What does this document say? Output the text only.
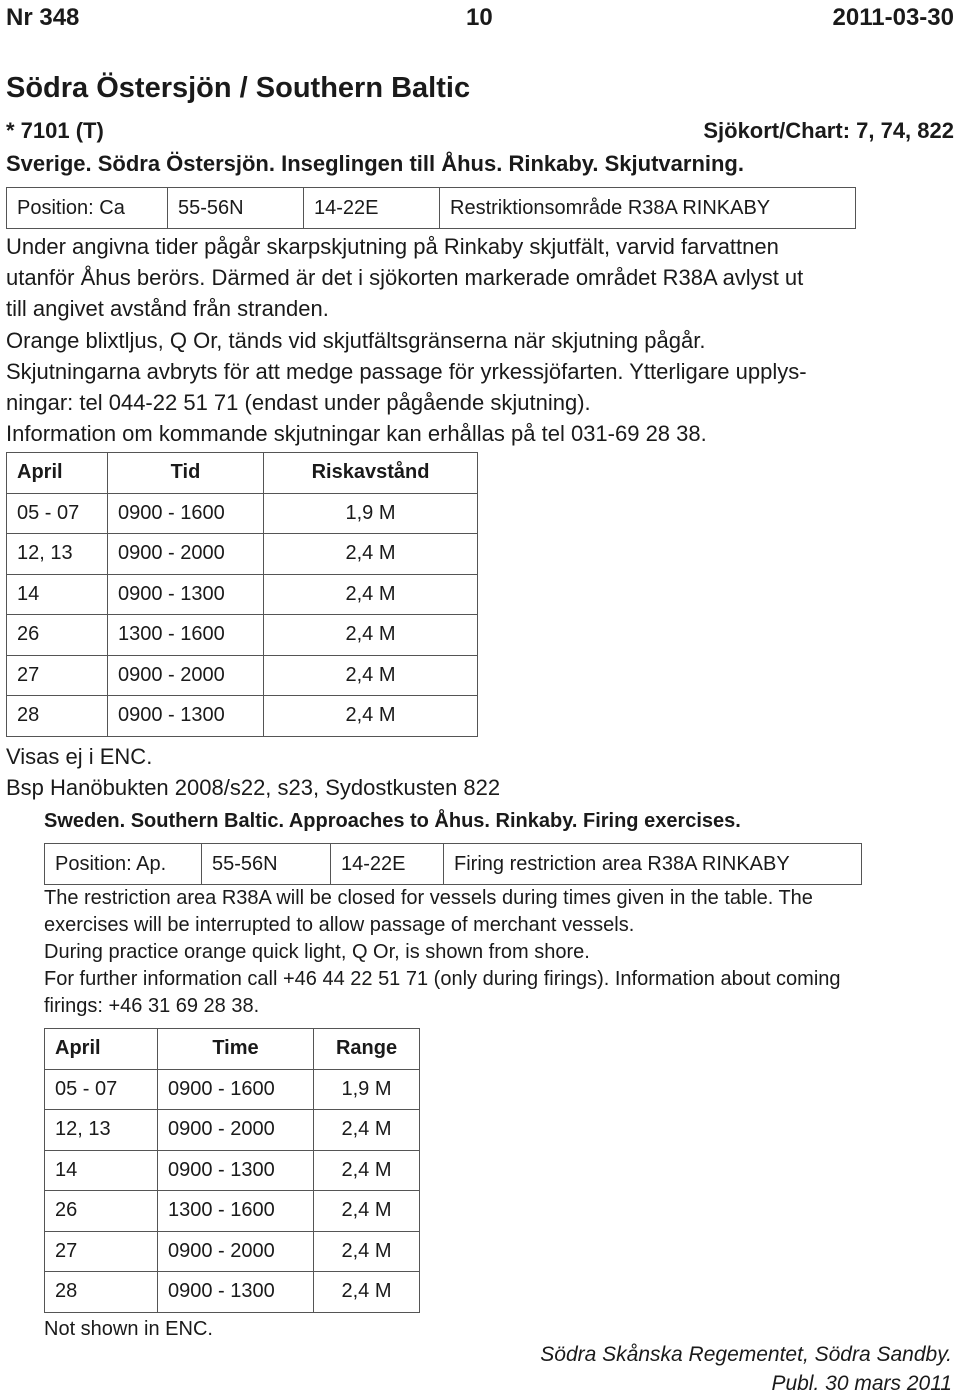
Nr 348	10	2011-03-30
Södra Östersjön / Southern Baltic
* 7101 (T)	Sjökort/Chart: 7, 74, 822
Sverige. Södra Östersjön. Inseglingen till Åhus. Rinkaby. Skjutvarning.
Position: Ca	55-56N	14-22E	Restriktionsområde R38A RINKABY
Under angivna tider pågår skarpskjutning på Rinkaby skjutfält, varvid farvattnen
utanför Åhus berörs. Därmed är det i sjökorten markerade området R38A avlyst ut
till angivet avstånd från stranden.
Orange blixtljus, Q Or, tänds vid skjutfältsgränserna när skjutning pågår.
Skjutningarna avbryts för att medge passage för yrkessjöfarten. Ytterligare upplys-
ningar: tel 044-22 51 71 (endast under pågående skjutning).
Information om kommande skjutningar kan erhållas på tel 031-69 28 38.
April	Tid	Riskavstånd
05 - 07	0900 - 1600	1,9 M
12, 13	0900 - 2000	2,4 M
14	0900 - 1300	2,4 M
26	1300 - 1600	2,4 M
27	0900 - 2000	2,4 M
28	0900 - 1300	2,4 M
Visas ej i ENC.
Bsp Hanöbukten 2008/s22, s23, Sydostkusten 822
Sweden. Southern Baltic. Approaches to Åhus. Rinkaby. Firing exercises.
Position: Ap.	55-56N	14-22E	Firing restriction area R38A RINKABY
The restriction area R38A will be closed for vessels during times given in the table. The
exercises will be interrupted to allow passage of merchant vessels.
During practice orange quick light, Q Or, is shown from shore.
For further information call +46 44 22 51 71 (only during firings). Information about coming
firings: +46 31 69 28 38.
April	Time	Range
05 - 07	0900 - 1600	1,9 M
12, 13	0900 - 2000	2,4 M
14	0900 - 1300	2,4 M
26	1300 - 1600	2,4 M
27	0900 - 2000	2,4 M
28	0900 - 1300	2,4 M
Not shown in ENC.
Södra Skånska Regementet, Södra Sandby.
Publ. 30 mars 2011
